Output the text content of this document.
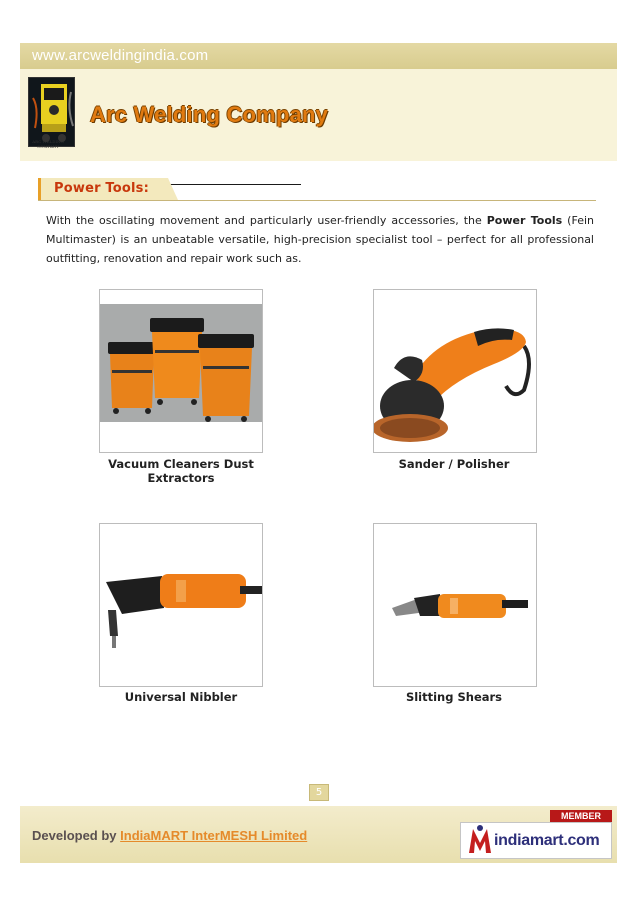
www.arcweldingindia.com
ARC WELDING COMPANY
Arc Welding Company
Power Tools:

With the oscillating movement and particularly user-friendly accessories, the Power Tools (Fein Multimaster) is an unbeatable versatile, high-precision specialist tool – perfect for all professional outfitting, renovation and repair work such as.

Vacuum Cleaners Dust Extractors
Sander / Polisher
Universal Nibbler	Slitting Shears
5
Developed by IndiaMART InterMESH Limited
MEMBER
indiamart.com
